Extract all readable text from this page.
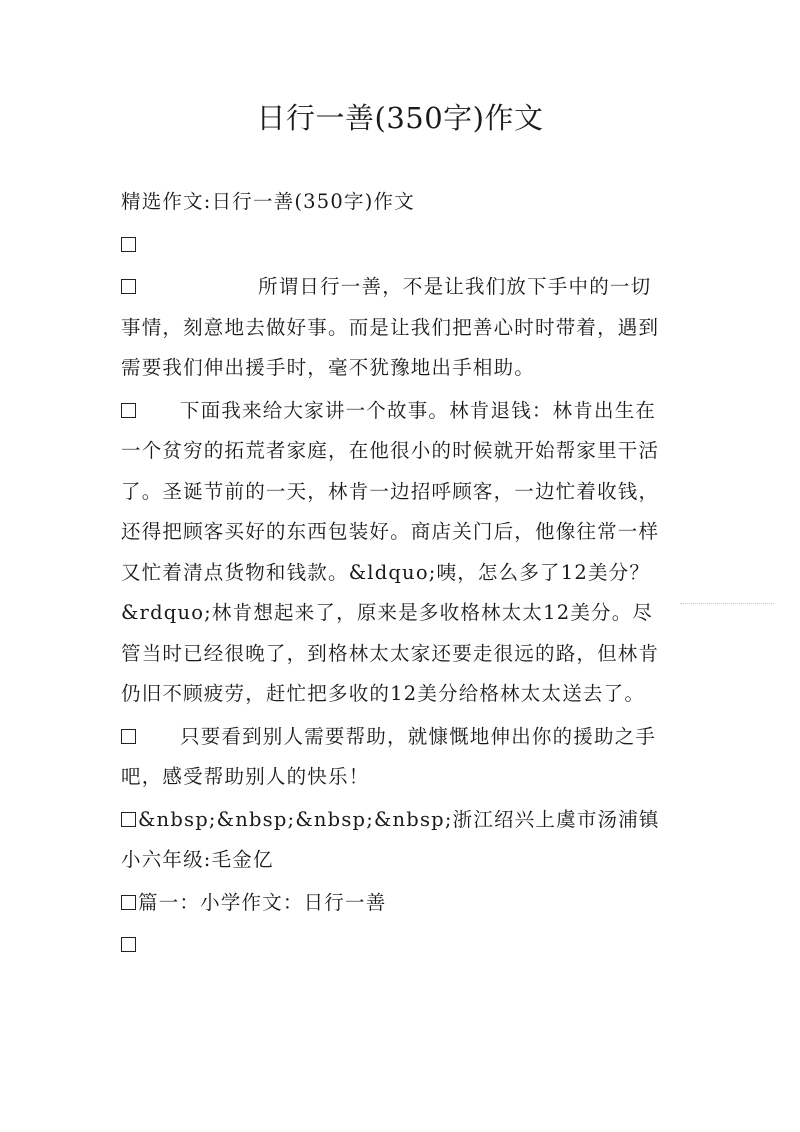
日行一善(350字)作文

精选作文:日行一善(350字)作文

所谓日行一善，不是让我们放下手中的一切事情，刻意地去做好事。而是让我们把善心时时带着，遇到需要我们伸出援手时，毫不犹豫地出手相助。

下面我来给大家讲一个故事。林肯退钱：林肯出生在一个贫穷的拓荒者家庭，在他很小的时候就开始帮家里干活了。圣诞节前的一天，林肯一边招呼顾客，一边忙着收钱，还得把顾客买好的东西包装好。商店关门后，他像往常一样又忙着清点货物和钱款。&ldquo;咦，怎么多了12美分？&rdquo;林肯想起来了，原来是多收格林太太12美分。尽管当时已经很晚了，到格林太太家还要走很远的路，但林肯仍旧不顾疲劳，赶忙把多收的12美分给格林太太送去了。

只要看到别人需要帮助，就慷慨地伸出你的援助之手吧，感受帮助别人的快乐！

&nbsp;&nbsp;&nbsp;&nbsp;浙江绍兴上虞市汤浦镇小六年级:毛金亿

篇一：小学作文：日行一善
